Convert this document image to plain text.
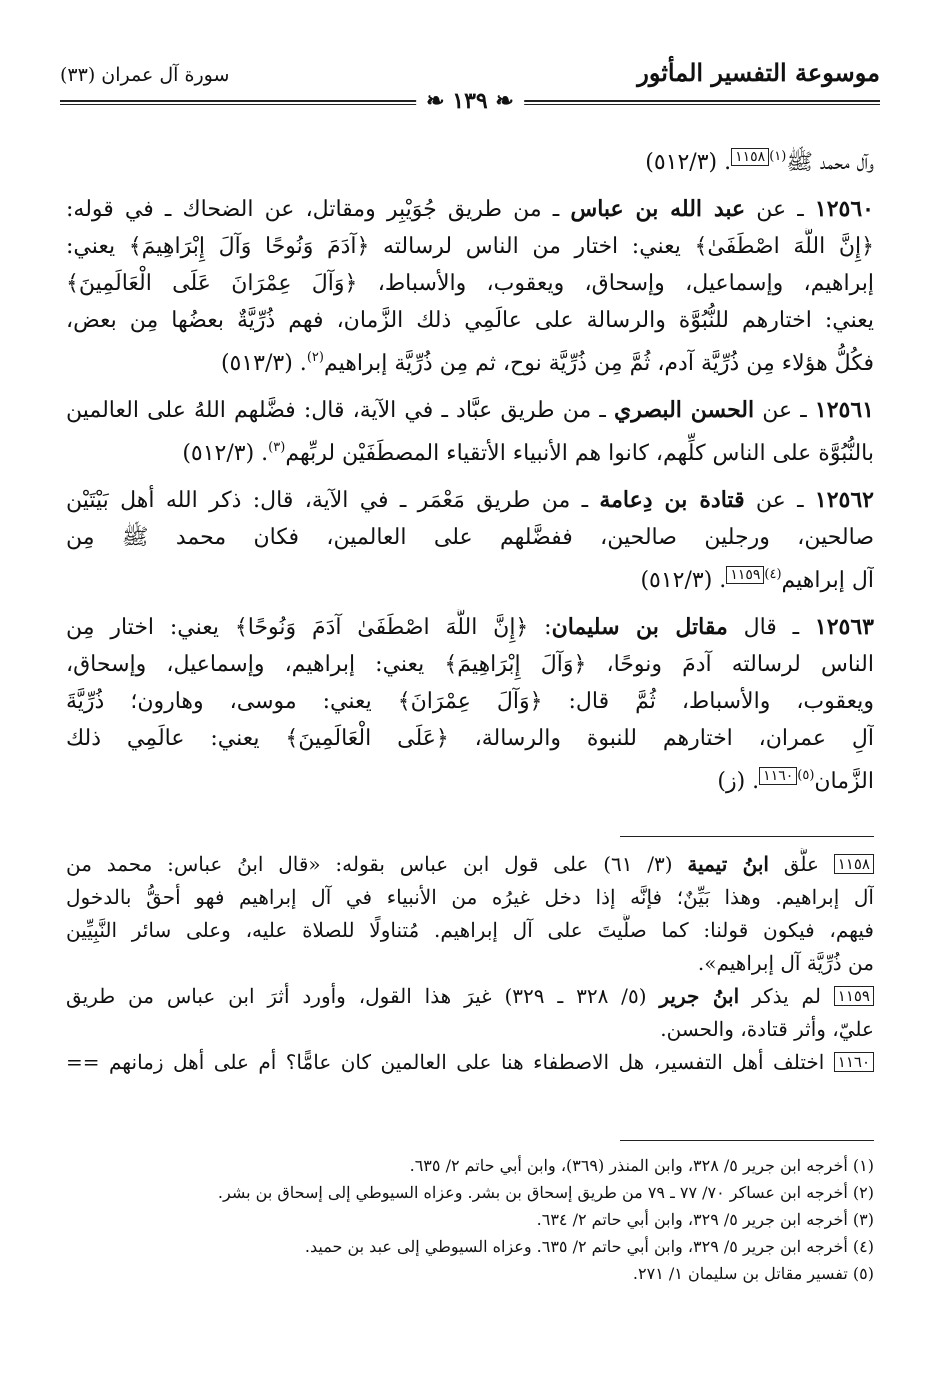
موسوعة التفسير المأثور
سورة آل عمران (٣٣)
❧ ١٣٩ ❧

وآل محمد ﷺ$^{(١)}$١١٥٨. (٥١٢/٣)

١٢٥٦٠ ـ عن عبد الله بن عباس ـ من طريق جُوَيْبِر ومقاتل، عن الضحاك ـ في قوله:

﴿إِنَّ اللَّهَ اصْطَفَىٰ﴾ يعني: اختار من الناس لرسالته ﴿آدَمَ وَنُوحًا وَآلَ إِبْرَاهِيمَ﴾ يعني:

إبراهيم، وإسماعيل، وإسحاق، ويعقوب، والأسباط، ﴿وَآلَ عِمْرَانَ عَلَى الْعَالَمِينَ﴾

يعني: اختارهم للنُّبُوَّة والرسالة على عالَمِي ذلك الزَّمان، فهم ذُرِّيَّةٌ بعضُها مِن بعض،

فكُلُّ هؤلاء مِن ذُرِّيَّة آدم، ثُمَّ مِن ذُرِّيَّة نوح، ثم مِن ذُرِّيَّة إبراهيم$^{(٢)}$. (٥١٣/٣)

١٢٥٦١ ـ عن الحسن البصري ـ من طريق عبَّاد ـ في الآية، قال: فضَّلهم اللهُ على العالمين

بالنُّبُوَّة على الناس كلِّهم، كانوا هم الأنبياء الأتقياء المصطَفَيْن لربِّهم$^{(٣)}$. (٥١٢/٣)

١٢٥٦٢ ـ عن قتادة بن دِعامة ـ من طريق مَعْمَر ـ في الآية، قال: ذكر الله أهل بَيْتَيْن

صالحين، ورجلين صالحين، ففضَّلهم على العالمين، فكان محمد ﷺ مِن

آل إبراهيم$^{(٤)}$١١٥٩. (٥١٢/٣)

١٢٥٦٣ ـ قال مقاتل بن سليمان: ﴿إِنَّ اللَّهَ اصْطَفَىٰ آدَمَ وَنُوحًا﴾ يعني: اختار مِن

الناس لرسالته آدمَ ونوحًا، ﴿وَآلَ إِبْرَاهِيمَ﴾ يعني: إبراهيم، وإسماعيل، وإسحاق،

ويعقوب، والأسباط، ثُمَّ قال: ﴿وَآلَ عِمْرَانَ﴾ يعني: موسى، وهارون؛ ذُرِّيَّةَ

آلِ عمران، اختارهم للنبوة والرسالة، ﴿عَلَى الْعَالَمِينَ﴾ يعني: عالَمِي ذلك

الزَّمان$^{(٥)}$١١٦٠. (ز)

١١٥٨ علَّق ابنُ تيمية (٣/ ٦١) على قول ابن عباس بقوله: «قال ابنُ عباس: محمد من

آل إبراهيم. وهذا بَيِّنٌ؛ فإنَّه إذا دخل غيرُه من الأنبياء في آل إبراهيم فهو أحقُّ بالدخول

فيهم، فيكون قولنا: كما صلَّيتَ على آل إبراهيم. مُتناولًا للصلاة عليه، وعلى سائر النَّبِيِّين

من ذُرِّيَّة آل إبراهيم».

١١٥٩ لم يذكر ابنُ جرير (٥/ ٣٢٨ ـ ٣٢٩) غيرَ هذا القول، وأورد أثرَ ابن عباس من طريق

عليّ، وأثر قتادة، والحسن.

١١٦٠ اختلف أهل التفسير، هل الاصطفاء هنا على العالمين كان عامًّا؟ أم على أهل زمانهم ==

(١) أخرجه ابن جرير ٥/ ٣٢٨، وابن المنذر (٣٦٩)، وابن أبي حاتم ٢/ ٦٣٥.

(٢) أخرجه ابن عساكر ٧٠/ ٧٧ ـ ٧٩ من طريق إسحاق بن بشر. وعزاه السيوطي إلى إسحاق بن بشر.

(٣) أخرجه ابن جرير ٥/ ٣٢٩، وابن أبي حاتم ٢/ ٦٣٤.

(٤) أخرجه ابن جرير ٥/ ٣٢٩، وابن أبي حاتم ٢/ ٦٣٥. وعزاه السيوطي إلى عبد بن حميد.

(٥) تفسير مقاتل بن سليمان ١/ ٢٧١.
